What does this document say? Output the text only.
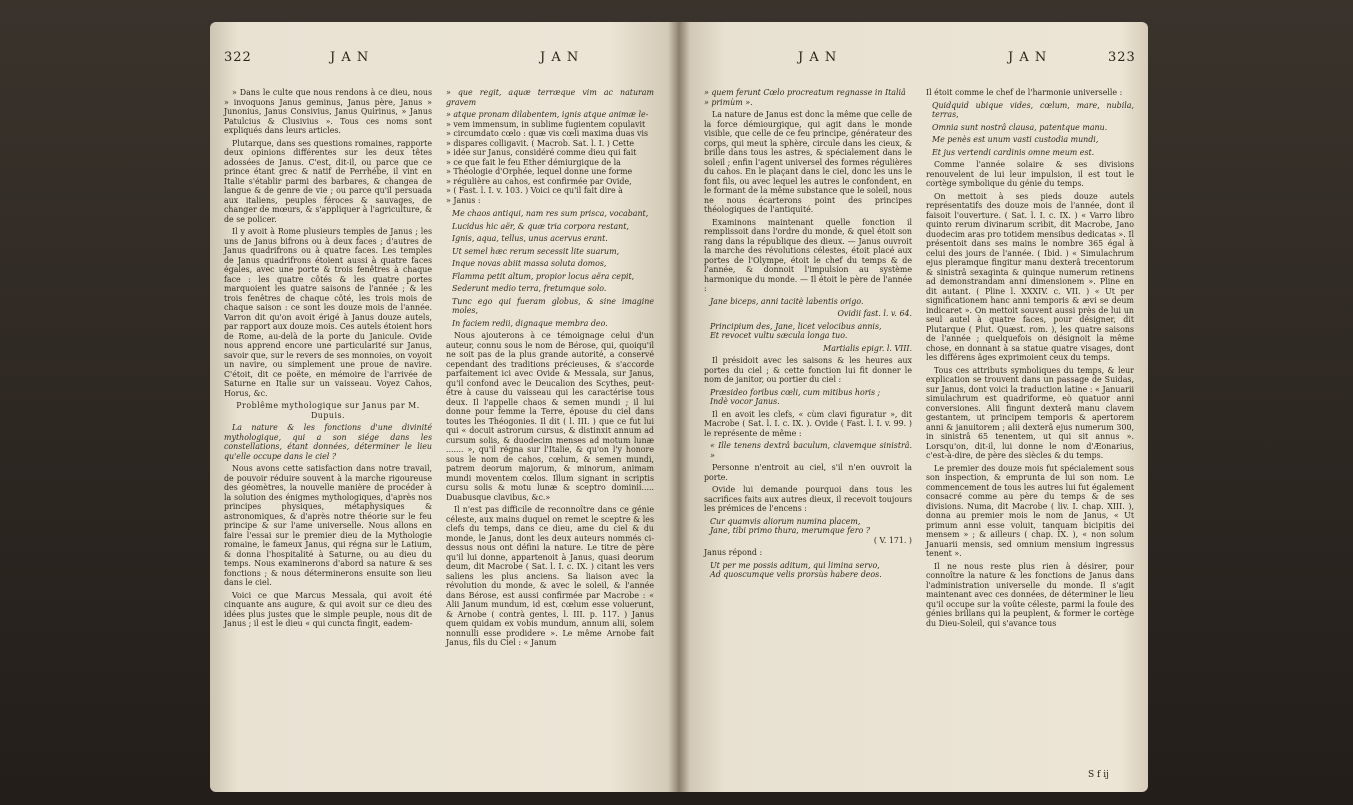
322	J A N	J A N

» Dans le culte que nous rendons à ce dieu, nous » invoquons Janus geminus, Janus père, Janus » Junonius, Janus Consivius, Janus Quirinus, » Janus Patulcius & Clusivius ». Tous ces noms sont expliqués dans leurs articles.

Plutarque, dans ses questions romaines, rapporte deux opinions différentes sur les deux têtes adossées de Janus. C'est, dit-il, ou parce que ce prince étant grec & natif de Perrhébe, il vint en Italie s'établir parmi des barbares, & changea de langue & de genre de vie ; ou parce qu'il persuada aux italiens, peuples féroces & sauvages, de changer de mœurs, & s'appliquer à l'agriculture, & de se policer.

Il y avoit à Rome plusieurs temples de Janus ; les uns de Janus bifrons ou à deux faces ; d'autres de Janus quadrifrons ou à quatre faces. Les temples de Janus quadrifrons étoient aussi à quatre faces égales, avec une porte & trois fenêtres à chaque face : les quatre côtés & les quatre portes marquoient les quatre saisons de l'année ; & les trois fenêtres de chaque côté, les trois mois de chaque saison : ce sont les douze mois de l'année. Varron dit qu'on avoit érigé à Janus douze autels, par rapport aux douze mois. Ces autels étoient hors de Rome, au-delà de la porte du Janicule. Ovide nous apprend encore une particularité sur Janus, savoir que, sur le revers de ses monnoies, on voyoit un navire, ou simplement une proue de navire. C'étoit, dit ce poëte, en mémoire de l'arrivée de Saturne en Italie sur un vaisseau. Voyez Cahos, Horus, &c.

Problême mythologique sur Janus par M. Dupuis.

La nature & les fonctions d'une divinité mythologique, qui a son siége dans les constellations, étant données, déterminer le lieu qu'elle occupe dans le ciel ?

Nous avons cette satisfaction dans notre travail, de pouvoir réduire souvent à la marche rigoureuse des géomètres, la nouvelle manière de procéder à la solution des énigmes mythologiques, d'après nos principes physiques, métaphysiques & astronomiques, & d'après notre théorie sur le feu principe & sur l'ame universelle. Nous allons en faire l'essai sur le premier dieu de la Mythologie romaine, le fameux Janus, qui régna sur le Latium, & donna l'hospitalité à Saturne, ou au dieu du temps. Nous examinerons d'abord sa nature & ses fonctions ; & nous déterminerons ensuite son lieu dans le ciel.

Voici ce que Marcus Messala, qui avoit été cinquante ans augure, & qui avoit sur ce dieu des idées plus justes que le simple peuple, nous dit de Janus ; il est le dieu « qui cuncta fingit, eadem-

» que regit, aquæ terræque vim ac naturam gravem

» atque pronam dilabentem, ignis atque animæ le-

» vem immensum, in sublime fugientem copulavit

» circumdato cœlo : quæ vis cœli maxima duas vis

» dispares colligavit. ( Macrob. Sat. l. I. ) Cette

» idée sur Janus, considéré comme dieu qui fait

» ce que fait le feu Ether démiurgique de la

» Théologie d'Orphée, lequel donne une forme

» régulière au cahos, est confirmée par Ovide,

» ( Fast. l. I. v. 103. ) Voici ce qu'il fait dire à

» Janus :

Me chaos antiqui, nam res sum prisca, vocabant,

Lucidus hic aër, & quæ tria corpora restant,

Ignis, aqua, tellus, unus acervus erant.

Ut semel hæc rerum secessit lite suarum,

Inque novas abiit massa soluta domos,

Flamma petit altum, propior locus aëra cepit,

Sederunt medio terra, fretumque solo.

Tunc ego qui fueram globus, & sine imagine moles,

In faciem redii, dignaque membra deo.

Nous ajouterons à ce témoignage celui d'un auteur, connu sous le nom de Bérose, qui, quoiqu'il ne soit pas de la plus grande autorité, a conservé cependant des traditions précieuses, & s'accorde parfaitement ici avec Ovide & Messala, sur Janus, qu'il confond avec le Deucalion des Scythes, peut-être à cause du vaisseau qui les caractérise tous deux. Il l'appelle chaos & semen mundi ; il lui donne pour femme la Terre, épouse du ciel dans toutes les Théogonies. Il dit ( l. III. ) que ce fut lui qui « docuit astrorum cursus, & distinxit annum ad cursum solis, & duodecim menses ad motum lunæ ....... », qu'il régna sur l'Italie, & qu'on l'y honore sous le nom de cahos, cœlum, & semen mundi, patrem deorum majorum, & minorum, animam mundi moventem cœlos. Illum signant in scriptis cursu solis & motu lunæ & sceptro dominii..... Duabusque clavibus, &c.»

Il n'est pas difficile de reconnoître dans ce génie céleste, aux mains duquel on remet le sceptre & les clefs du temps, dans ce dieu, ame du ciel & du monde, le Janus, dont les deux auteurs nommés ci-dessus nous ont défini la nature. Le titre de père qu'il lui donne, appartenoit à Janus, quasi deorum deum, dit Macrobe ( Sat. l. I. c. IX. ) citant les vers saliens les plus anciens. Sa liaison avec la révolution du monde, & avec le soleil, & l'année dans Bérose, est aussi confirmée par Macrobe : « Alii Janum mundum, id est, cœlum esse voluerunt, & Arnobe ( contrà gentes, l. III. p. 117. ) Janus quem quidam ex vobis mundum, annum alii, solem nonnulli esse prodidere ». Le même Arnobe fait Janus, fils du Ciel : « Janum

J A N	J A N	323

» quem ferunt Cœlo procreatum regnasse in Italiâ

» primùm ».

La nature de Janus est donc la même que celle de la force démiourgique, qui agit dans le monde visible, que celle de ce feu principe, générateur des corps, qui meut la sphère, circule dans les cieux, & brille dans tous les astres, & spécialement dans le soleil ; enfin l'agent universel des formes régulières du cahos. En le plaçant dans le ciel, donc les uns le font fils, ou avec lequel les autres le confondent, en le formant de la même substance que le soleil, nous ne nous écarterons point des principes théologiques de l'antiquité.

Examinons maintenant quelle fonction il remplissoit dans l'ordre du monde, & quel étoit son rang dans la république des dieux. — Janus ouvroit la marche des révolutions célestes, étoit placé aux portes de l'Olympe, étoit le chef du temps & de l'année, & donnoit l'impulsion au système harmonique du monde. — Il étoit le père de l'année :

Jane biceps, anni tacitè labentis origo.

Ovidii fast. l. v. 64.

Principium des, Jane, licet velocibus annis,

Et revocet vultu sæcula longa tuo.

Martialis epigr. l. VIII.

Il présidoit avec les saisons & les heures aux portes du ciel ; & cette fonction lui fit donner le nom de janitor, ou portier du ciel :

Præsideo foribus cœli, cum mitibus horis ;

Indè vocor Janus.

Il en avoit les clefs, « cùm clavi figuratur », dit Macrobe ( Sat. l. I. c. IX. ). Ovide ( Fast. l. I. v. 99. ) le représente de même :

« Ille tenens dextrâ baculum, clavemque sinistrâ. »

Personne n'entroit au ciel, s'il n'en ouvroit la porte.

Ovide lui demande pourquoi dans tous les sacrifices faits aux autres dieux, il recevoit toujours les prémices de l'encens :

Cur quamvis aliorum numina placem,

Jane, tibi primo thura, merumque fero ?

( V. 171. )

Janus répond :

Ut per me possis aditum, qui limina servo,

Ad quoscumque velis prorsùs habere deos.

Il étoit comme le chef de l'harmonie universelle :

Quidquid ubique vides, cœlum, mare, nubila, terras,

Omnia sunt nostrâ clausa, patentque manu.

Me penès est unum vasti custodia mundi,

Et jus vertendi cardinis omne meum est.

Comme l'année solaire & ses divisions renouvelent de lui leur impulsion, il est tout le cortège symbolique du génie du temps.

On mettoit à ses pieds douze autels représentatifs des douze mois de l'année, dont il faisoit l'ouverture. ( Sat. l. I. c. IX. ) « Varro libro quinto rerum divinarum scribit, dit Macrobe, Jano duodecim aras pro totidem mensibus dedicatas ». Il présentoit dans ses mains le nombre 365 égal à celui des jours de l'année. ( Ibid. ) « Simulachrum ejus pleramque fingitur manu dexterâ trecentorum & sinistrâ sexaginta & quinque numerum retinens ad demonstrandam anni dimensionem ». Pline en dit autant. ( Pline l. XXXIV. c. VII. ) « Ut per significationem hanc anni temporis & ævi se deum indicaret ». On mettoit souvent aussi près de lui un seul autel à quatre faces, pour désigner, dit Plutarque ( Plut. Quæst. rom. ), les quatre saisons de l'année ; quelquefois on désignoit la même chose, en donnant à sa statue quatre visages, dont les différens âges exprimoient ceux du temps.

Tous ces attributs symboliques du temps, & leur explication se trouvent dans un passage de Suidas, sur Janus, dont voici la traduction latine : « Januarii simulachrum est quadriforme, eò quatuor anni conversiones. Alii fingunt dexterâ manu clavem gestantem, ut principem temporis & apertorem anni & januitorem ; alii dexterâ ejus numerum 300, in sinistrâ 65 tenentem, ut qui sit annus ». Lorsqu'on, dit-il, lui donne le nom d'Æonarius, c'est-à-dire, de père des siècles & du temps.

Le premier des douze mois fut spécialement sous son inspection, & emprunta de lui son nom. Le commencement de tous les autres lui fut également consacré comme au père du temps & de ses divisions. Numa, dit Macrobe ( liv. I. chap. XIII. ), donna au premier mois le nom de Janus, « Ut primum anni esse voluit, tanquam bicipitis dei mensem » ; & ailleurs ( chap. IX. ), « non solum Januarii mensis, sed omnium mensium ingressus tenent ».

Il ne nous reste plus rien à désirer, pour connoître la nature & les fonctions de Janus dans l'administration universelle du monde. Il s'agit maintenant avec ces données, de déterminer le lieu qu'il occupe sur la voûte céleste, parmi la foule des génies brillans qui la peuplent, & former le cortège du Dieu-Soleil, qui s'avance tous

S f ij
